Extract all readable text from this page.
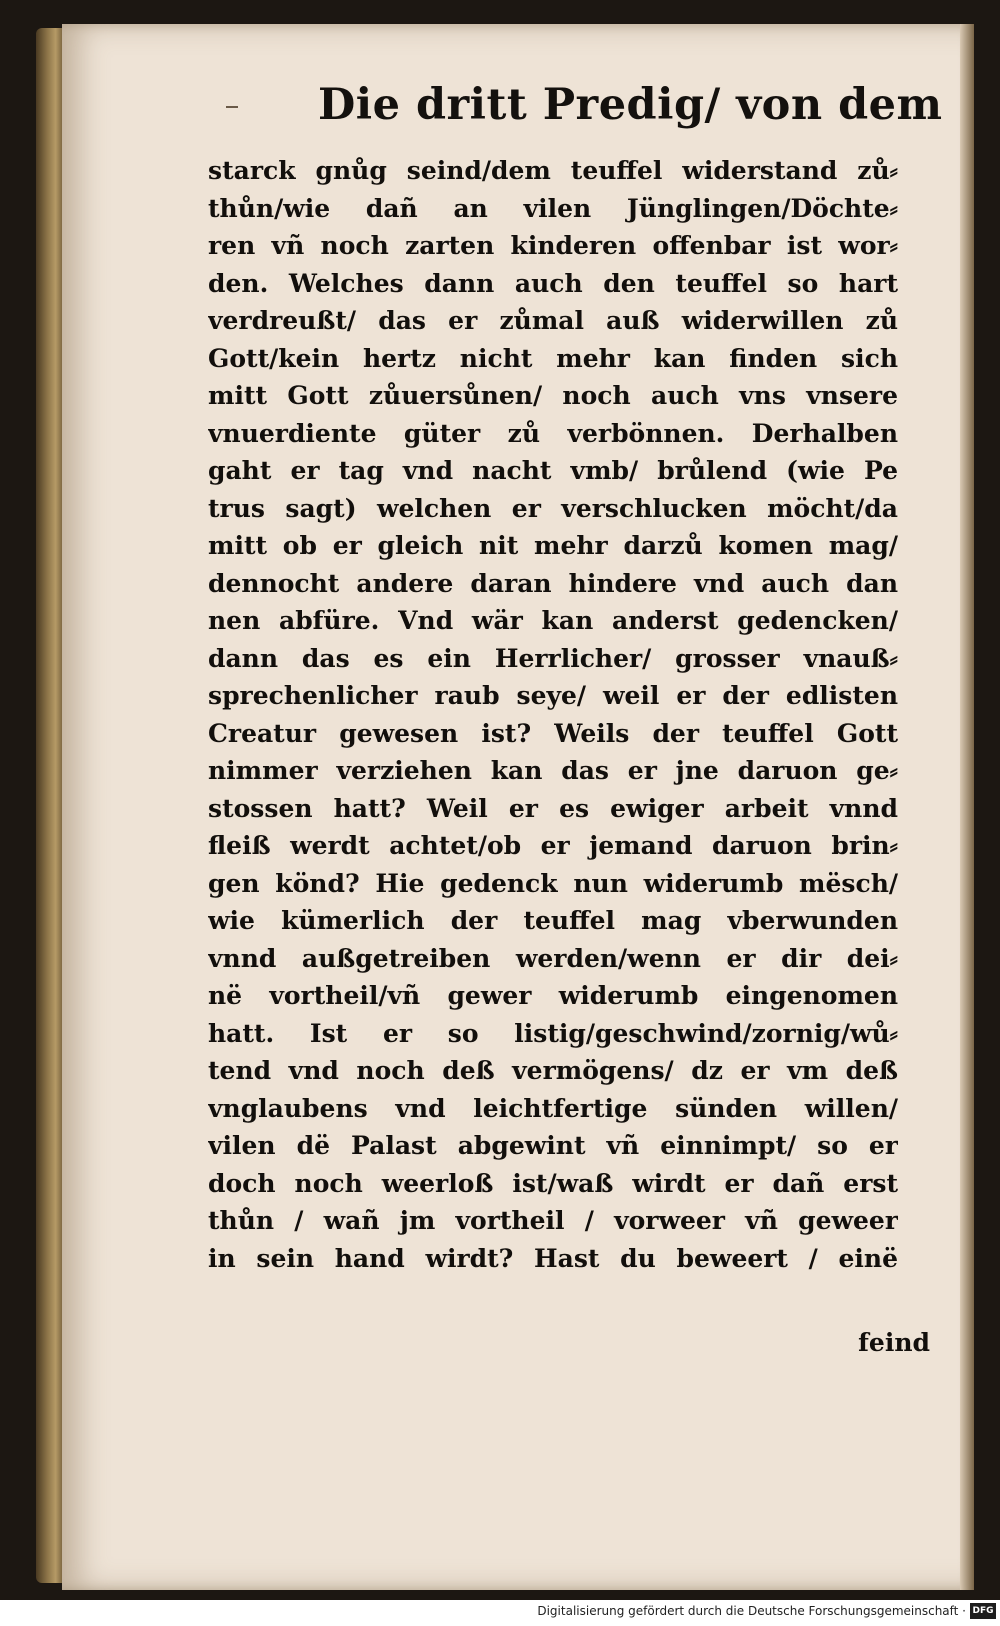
Die dritt Predig/ von dem
starck gnůg seind/dem teuffel widerstand zů⸗
thůn/wie dañ an vilen Jünglingen/Döchte⸗
ren vñ noch zarten kinderen offenbar ist wor⸗
den. Welches dann auch den teuffel so hart
verdreußt/ das er zůmal auß widerwillen zů
Gott/kein hertz nicht mehr kan finden sich
mitt Gott zůuersůnen/ noch auch vns vnsere
vnuerdiente güter zů verbönnen. Derhalben
gaht er tag vnd nacht vmb/ brůlend (wie Pe
trus sagt) welchen er verschlucken möcht/da
mitt ob er gleich nit mehr darzů komen mag/
dennocht andere daran hindere vnd auch dan
nen abfüre. Vnd wär kan anderst gedencken/
dann das es ein Herrlicher/ grosser vnauß⸗
sprechenlicher raub seye/ weil er der edlisten
Creatur gewesen ist? Weils der teuffel Gott
nimmer verziehen kan das er jne daruon ge⸗
stossen hatt? Weil er es ewiger arbeit vnnd
fleiß werdt achtet/ob er jemand daruon brin⸗
gen könd? Hie gedenck nun widerumb mësch/
wie kümerlich der teuffel mag vberwunden
vnnd außgetreiben werden/wenn er dir dei⸗
në vortheil/vñ gewer widerumb eingenomen
hatt. Ist er so listig/geschwind/zornig/wů⸗
tend vnd noch deß vermögens/ dz er vm deß
vnglaubens vnd leichtfertige sünden willen/
vilen dë Palast abgewint vñ einnimpt/ so er
doch noch weerloß ist/waß wirdt er dañ erst
thůn / wañ jm vortheil / vorweer vñ geweer
in sein hand wirdt? Hast du beweert / einë
feind
Digitalisierung gefördert durch die Deutsche Forschungsgemeinschaft · DFG
